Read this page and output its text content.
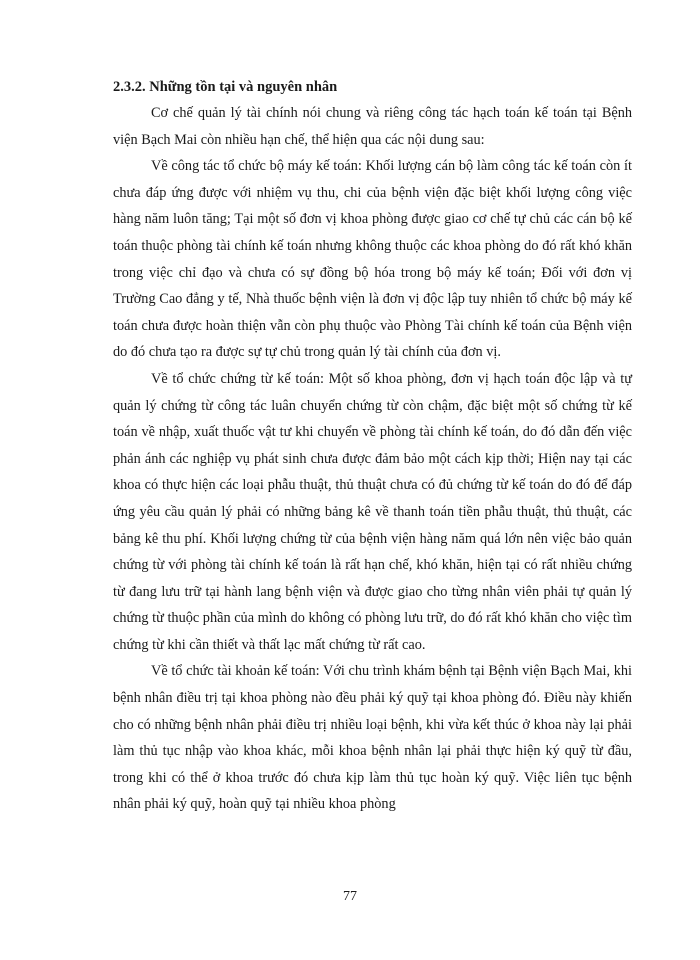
2.3.2. Những tồn tại và nguyên nhân

Cơ chế quản lý tài chính nói chung và riêng công tác hạch toán kế toán tại Bệnh viện Bạch Mai còn nhiều hạn chế, thể hiện qua các nội dung sau:

Về công tác tổ chức bộ máy kế toán: Khối lượng cán bộ làm công tác kế toán còn ít chưa đáp ứng được với nhiệm vụ thu, chi của bệnh viện đặc biệt khối lượng công việc hàng năm luôn tăng; Tại một số đơn vị khoa phòng được giao cơ chế tự chủ các cán bộ kế toán thuộc phòng tài chính kế toán nhưng không thuộc các khoa phòng do đó rất khó khăn trong việc chỉ đạo và chưa có sự đồng bộ hóa trong bộ máy kế toán; Đối với đơn vị Trường Cao đẳng y tế, Nhà thuốc bệnh viện là đơn vị độc lập tuy nhiên tổ chức bộ máy kế toán chưa được hoàn thiện vẫn còn phụ thuộc vào Phòng Tài chính kế toán của Bệnh viện do đó chưa tạo ra được sự tự chủ trong quản lý tài chính của đơn vị.

Về tổ chức chứng từ kế toán: Một số khoa phòng, đơn vị hạch toán độc lập và tự quản lý chứng từ công tác luân chuyển chứng từ còn chậm, đặc biệt một số chứng từ kế toán về nhập, xuất thuốc vật tư khi chuyển về phòng tài chính kế toán, do đó dẫn đến việc phản ánh các nghiệp vụ phát sinh chưa được đảm bảo một cách kịp thời; Hiện nay tại các khoa có thực hiện các loại phẫu thuật, thủ thuật chưa có đủ chứng từ kế toán do đó để đáp ứng yêu cầu quản lý phải có những bảng kê về thanh toán tiền phẫu thuật, thủ thuật, các bảng kê thu phí. Khối lượng chứng từ của bệnh viện hàng năm quá lớn nên việc bảo quản chứng từ với phòng tài chính kế toán là rất hạn chế, khó khăn, hiện tại có rất nhiều chứng từ đang lưu trữ tại hành lang bệnh viện và được giao cho từng nhân viên phải tự quản lý chứng từ thuộc phần của mình do không có phòng lưu trữ, do đó rất khó khăn cho việc tìm chứng từ khi cần thiết và thất lạc mất chứng từ rất cao.

Về tổ chức tài khoản kế toán: Với chu trình khám bệnh tại Bệnh viện Bạch Mai, khi bệnh nhân điều trị tại khoa phòng nào đều phải ký quỹ tại khoa phòng đó. Điều này khiến cho có những bệnh nhân phải điều trị nhiều loại bệnh, khi vừa kết thúc ở khoa này lại phải làm thủ tục nhập vào khoa khác, mỗi khoa bệnh nhân lại phải thực hiện ký quỹ từ đầu, trong khi có thể ở khoa trước đó chưa kịp làm thủ tục hoàn ký quỹ. Việc liên tục bệnh nhân phải ký quỹ, hoàn quỹ tại nhiều khoa phòng

77
